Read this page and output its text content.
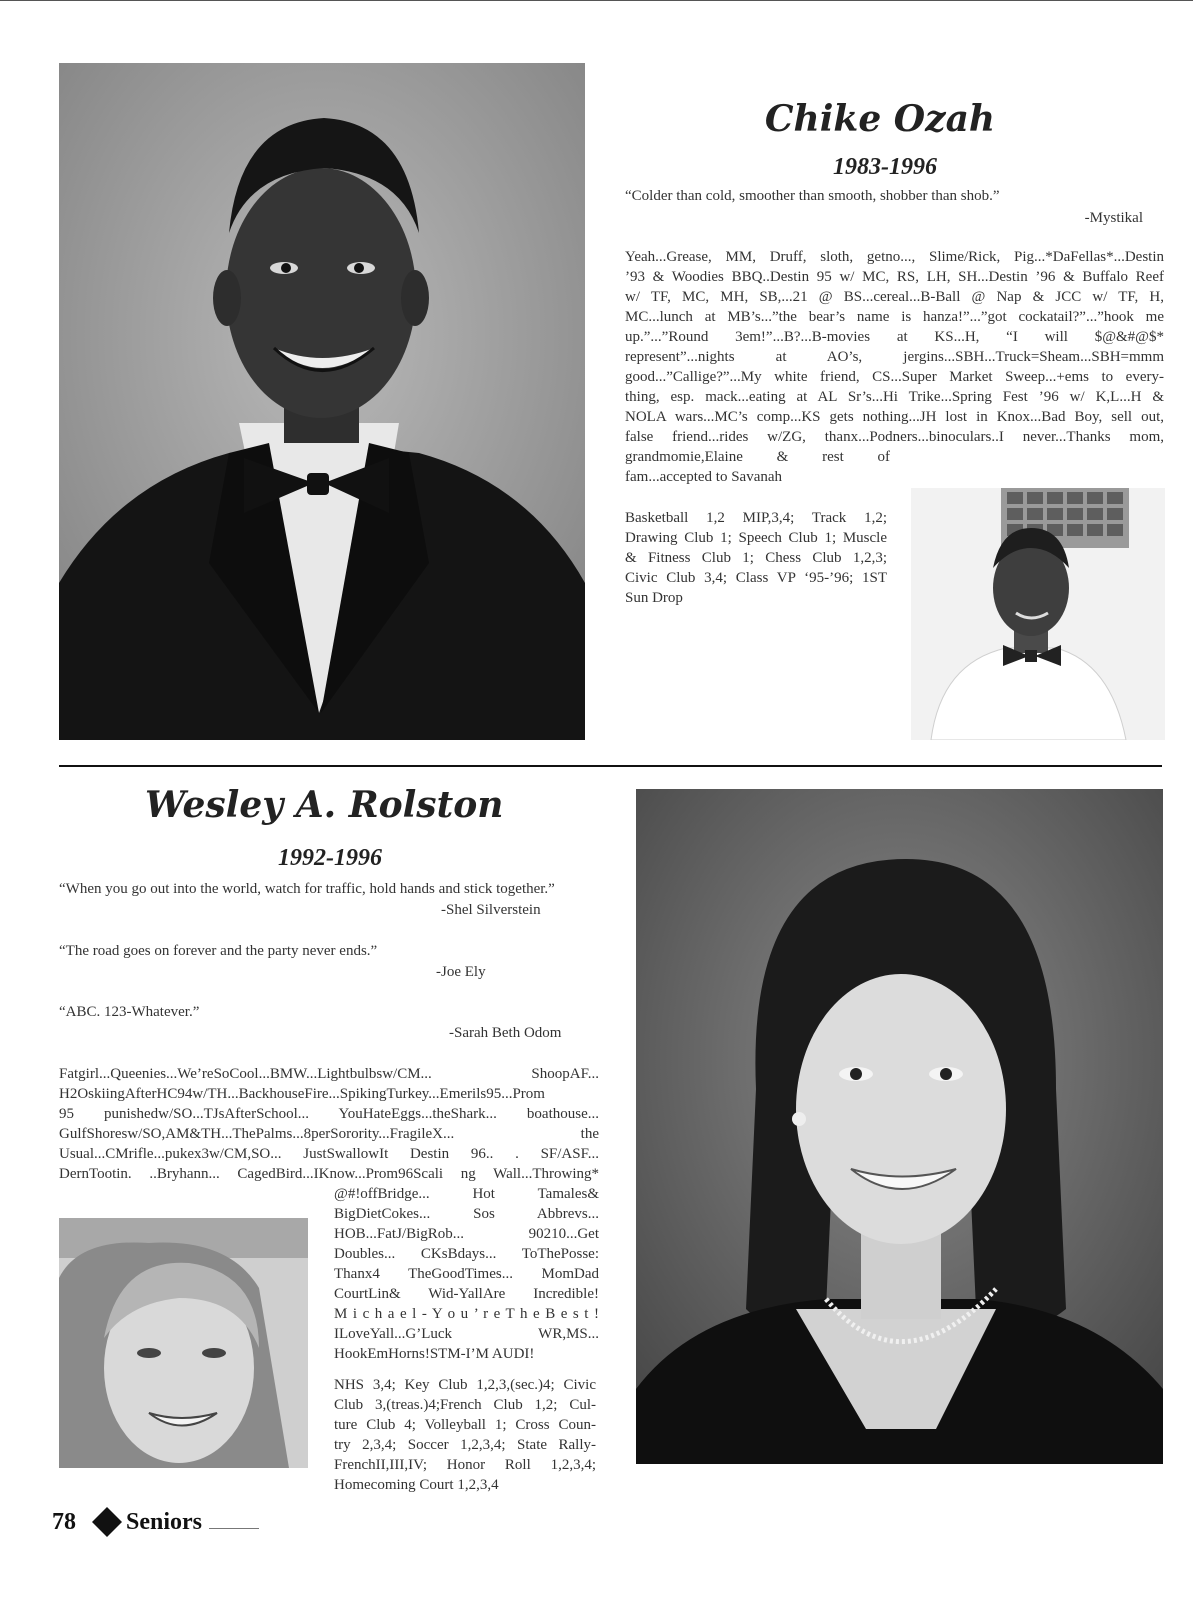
Chike Ozah
1983-1996
“Colder than cold, smoother than smooth, shobber than shob.”
-Mystikal
Yeah...Grease, MM, Druff, sloth, getno..., Slime/Rick, Pig...*DaFellas*...Destin
’93 & Woodies BBQ..Destin 95 w/ MC, RS, LH, SH...Destin ’96 & Buffalo Reef
w/ TF, MC, MH, SB,...21 @ BS...cereal...B-Ball @ Nap & JCC w/ TF, H,
MC...lunch at MB’s...”the bear’s name is hanza!”...”got cockatail?”...”hook me
up.”...”Round 3em!”...B?...B-movies at KS...H, “I will $@&#@$*
represent”...nights at AO’s, jergins...SBH...Truck=Sheam...SBH=mmm
good...”Callige?”...My white friend, CS...Super Market Sweep...+ems to every-
thing, esp. mack...eating at AL Sr’s...Hi Trike...Spring Fest ’96 w/ K,L...H &
NOLA wars...MC’s comp...KS gets nothing...JH lost in Knox...Bad Boy, sell out,
false friend...rides w/ZG, thanx...Podners...binoculars..I never...Thanks mom,
grandmomie,Elaine & rest of
fam...accepted to Savanah
Basketball 1,2 MIP,3,4; Track 1,2;
Drawing Club 1; Speech Club 1; Muscle
& Fitness Club 1; Chess Club 1,2,3;
Civic Club 3,4; Class VP ‘95-’96; 1ST
Sun Drop
Wesley A. Rolston
1992-1996
“When you go out into the world, watch for traffic, hold hands and stick together.”
-Shel Silverstein
“The road goes on forever and the party never ends.”
-Joe Ely
“ABC. 123-Whatever.”
-Sarah Beth Odom
Fatgirl...Queenies...We’reSoCool...BMW...Lightbulbsw/CM... ShoopAF...
H2OskiingAfterHC94w/TH...BackhouseFire...SpikingTurkey...Emerils95...Prom
95 punishedw/SO...TJsAfterSchool... YouHateEggs...theShark... boathouse...
GulfShoresw/SO,AM&TH...ThePalms...8perSorority...FragileX... the
Usual...CMrifle...pukex3w/CM,SO... JustSwallowIt Destin 96.. . SF/ASF...
DernTootin. ..Bryhann... CagedBird...IKnow...Prom96Scali ng Wall...Throwing*
@#!offBridge... Hot Tamales&
BigDietCokes... Sos Abbrevs...
HOB...FatJ/BigRob... 90210...Get
Doubles... CKsBdays... ToThePosse:
Thanx4 TheGoodTimes... MomDad
CourtLin& Wid-YallAre Incredible!
M i c h a e l - Y o u ’ r e T h e B e s t !
ILoveYall...G’Luck WR,MS...
HookEmHorns!STM-I’M AUDI!
NHS 3,4; Key Club 1,2,3,(sec.)4; Civic
Club 3,(treas.)4;French Club 1,2; Cul-
ture Club 4; Volleyball 1; Cross Coun-
try 2,3,4; Soccer 1,2,3,4; State Rally-
FrenchII,III,IV; Honor Roll 1,2,3,4;
Homecoming Court 1,2,3,4
78 Seniors
